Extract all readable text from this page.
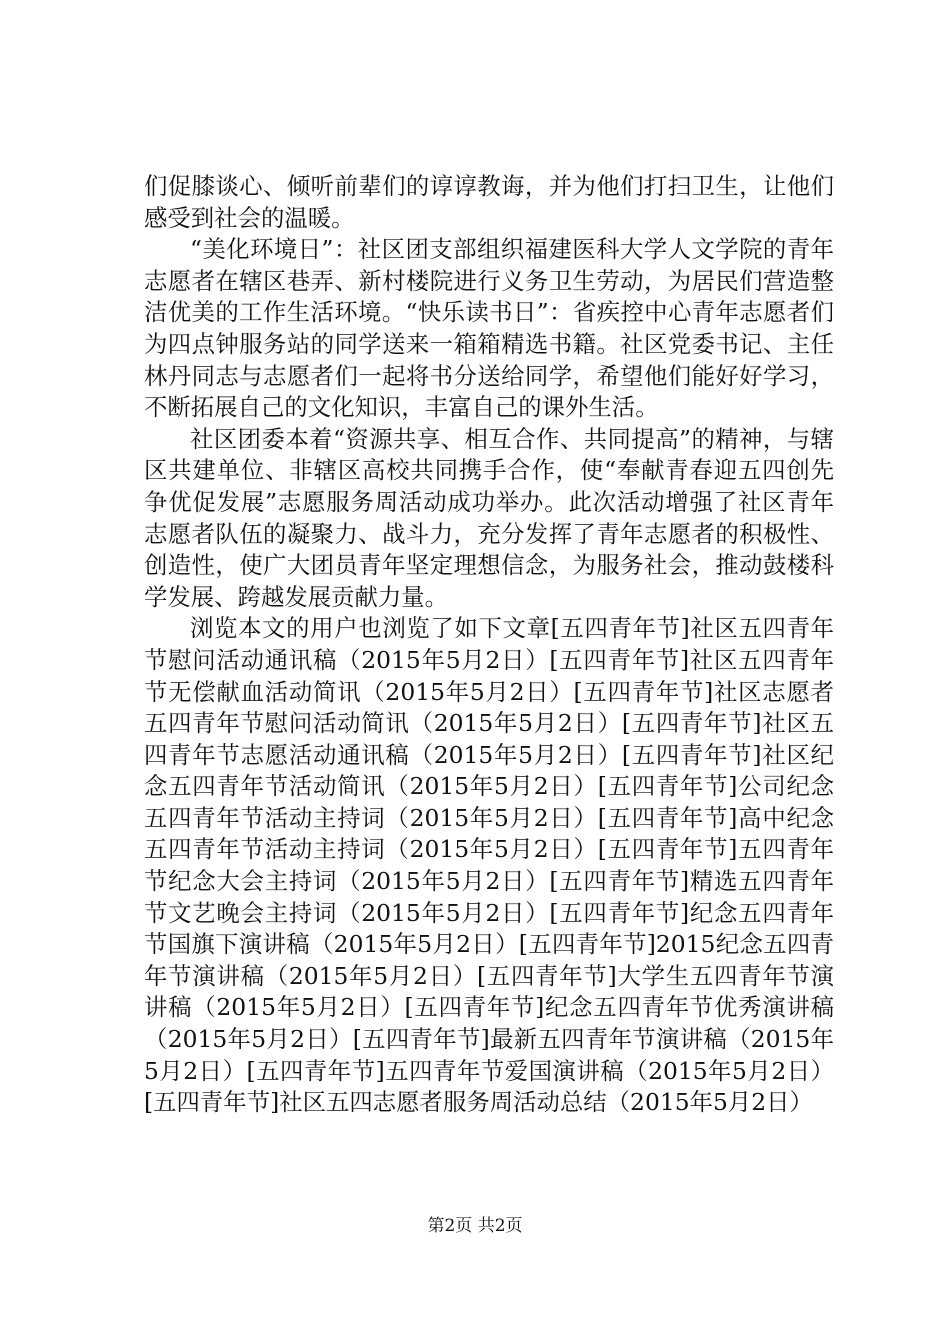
们促膝谈心、倾听前辈们的谆谆教诲，并为他们打扫卫生，让他们感受到社会的温暖。

“美化环境日”：社区团支部组织福建医科大学人文学院的青年志愿者在辖区巷弄、新村楼院进行义务卫生劳动，为居民们营造整洁优美的工作生活环境。“快乐读书日”：省疾控中心青年志愿者们为四点钟服务站的同学送来一箱箱精选书籍。社区党委书记、主任林丹同志与志愿者们一起将书分送给同学，希望他们能好好学习，不断拓展自己的文化知识，丰富自己的课外生活。

社区团委本着“资源共享、相互合作、共同提高”的精神，与辖区共建单位、非辖区高校共同携手合作，使“奉献青春迎五四创先争优促发展”志愿服务周活动成功举办。此次活动增强了社区青年志愿者队伍的凝聚力、战斗力，充分发挥了青年志愿者的积极性、创造性，使广大团员青年坚定理想信念，为服务社会，推动鼓楼科学发展、跨越发展贡献力量。

浏览本文的用户也浏览了如下文章[五四青年节]社区五四青年节慰问活动通讯稿（2015年5月2日）[五四青年节]社区五四青年节无偿献血活动简讯（2015年5月2日）[五四青年节]社区志愿者五四青年节慰问活动简讯（2015年5月2日）[五四青年节]社区五四青年节志愿活动通讯稿（2015年5月2日）[五四青年节]社区纪念五四青年节活动简讯（2015年5月2日）[五四青年节]公司纪念五四青年节活动主持词（2015年5月2日）[五四青年节]高中纪念五四青年节活动主持词（2015年5月2日）[五四青年节]五四青年节纪念大会主持词（2015年5月2日）[五四青年节]精选五四青年节文艺晚会主持词（2015年5月2日）[五四青年节]纪念五四青年节国旗下演讲稿（2015年5月2日）[五四青年节]2015纪念五四青年节演讲稿（2015年5月2日）[五四青年节]大学生五四青年节演讲稿（2015年5月2日）[五四青年节]纪念五四青年节优秀演讲稿（2015年5月2日）[五四青年节]最新五四青年节演讲稿（2015年5月2日）[五四青年节]五四青年节爱国演讲稿（2015年5月2日）[五四青年节]社区五四志愿者服务周活动总结（2015年5月2日）

第2页 共2页
